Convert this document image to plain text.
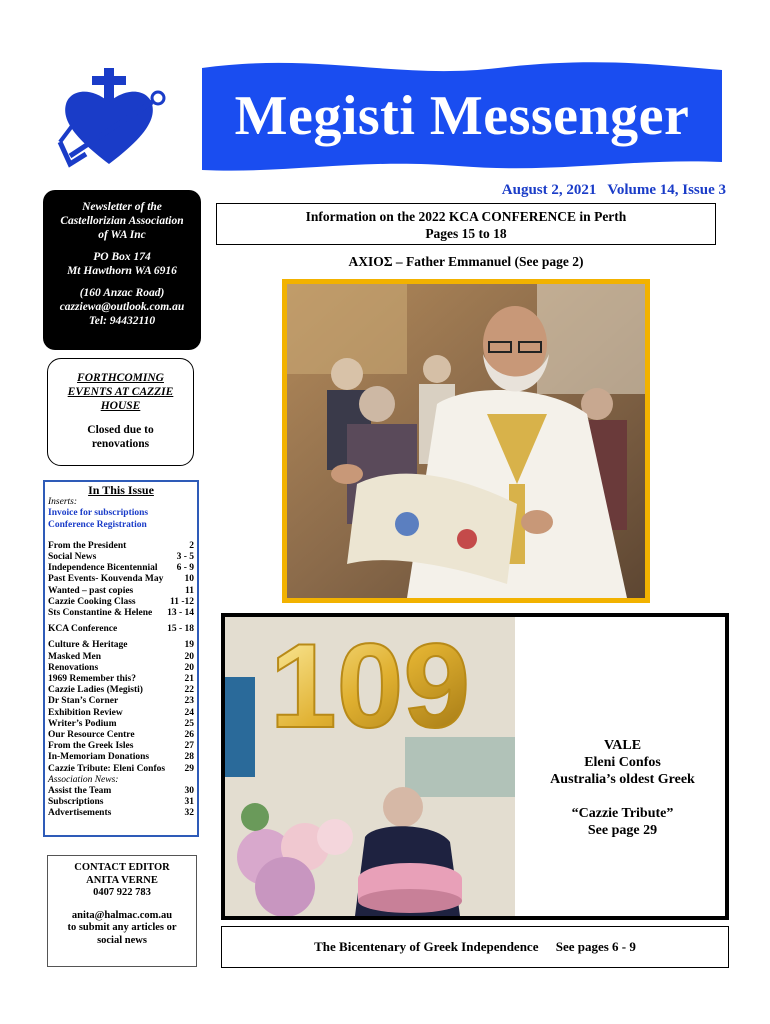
Megisti Messenger
August 2, 2021   Volume 14, Issue 3
Newsletter of the
Castellorizian Association
of WA Inc
PO Box 174
Mt Hawthorn WA 6916
(160 Anzac Road)
cazziewa@outlook.com.au
Tel: 94432110
FORTHCOMING
EVENTS AT CAZZIE
HOUSE
Closed due to
renovations
In This Issue
Inserts:
Invoice for subscriptions
Conference Registration
From the President	2
Social News	3 - 5
Independence Bicentennial 6 - 9
Past Events- Kouvenda May 10
Wanted – past copies	11
Cazzie Cooking Class	11 -12
Sts Constantine & Helene 13 - 14
KCA Conference	15 - 18
Culture & Heritage	19
Masked Men	20
Renovations	20
1969 Remember this?	21
Cazzie Ladies (Megisti)	22
Dr Stan’s Corner	23
Exhibition Review	24
Writer’s Podium	25
Our Resource Centre	26
From the Greek Isles	27
In-Memoriam Donations	28
Cazzie Tribute: Eleni Confos 29
Association News:
Assist the Team	30
Subscriptions	31
Advertisements	32
CONTACT EDITOR
ANITA VERNE
0407 922 783
anita@halmac.com.au
to submit any articles or
social news
Information on the 2022 KCA CONFERENCE in Perth
Pages 15 to 18
ΑΧΙΟΣ – Father Emmanuel (See page 2)
109	VALE
Eleni Confos
Australia’s oldest Greek
“Cazzie Tribute”
See page 29
The Bicentenary of Greek Independence See pages 6 - 9
